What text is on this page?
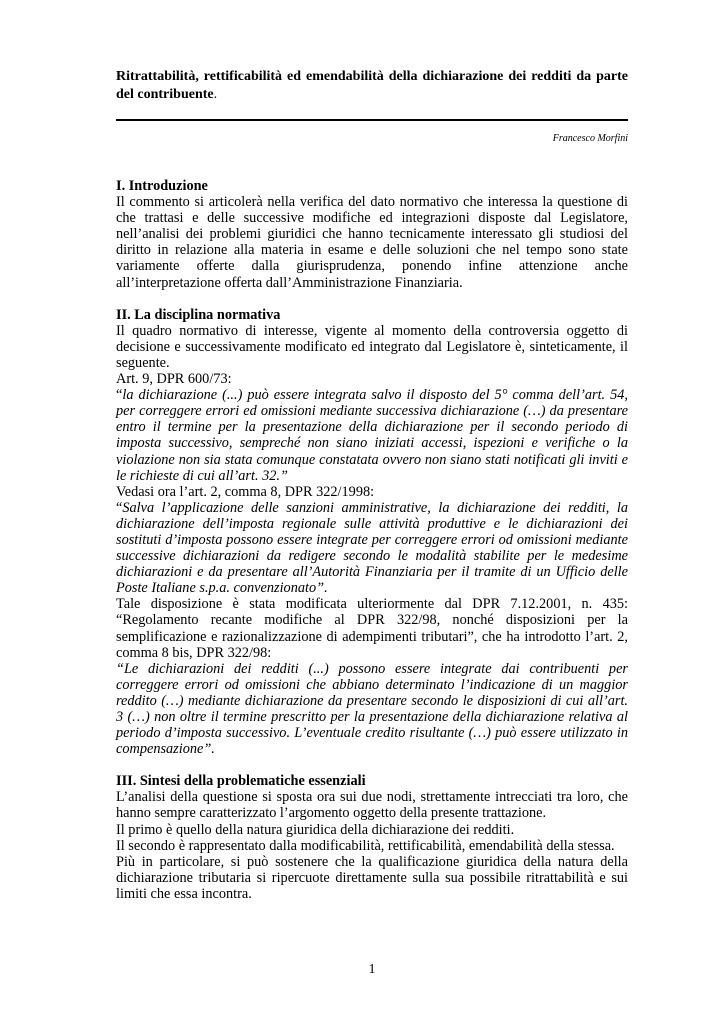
Ritrattabilità, rettificabilità ed emendabilità della dichiarazione dei redditi da parte del contribuente.

Francesco Morfini

I. Introduzione

Il commento si articolerà nella verifica del dato normativo che interessa la questione di che trattasi e delle successive modifiche ed integrazioni disposte dal Legislatore, nell’analisi dei problemi giuridici che hanno tecnicamente interessato gli studiosi del diritto in relazione alla materia in esame e delle soluzioni che nel tempo sono state variamente offerte dalla giurisprudenza, ponendo infine attenzione anche all’interpretazione offerta dall’Amministrazione Finanziaria.

II. La disciplina normativa

Il quadro normativo di interesse, vigente al momento della controversia oggetto di decisione e successivamente modificato ed integrato dal Legislatore è, sinteticamente, il seguente.

Art. 9, DPR 600/73:

“la dichiarazione (...) può essere integrata salvo il disposto del 5° comma dell’art. 54, per correggere errori ed omissioni mediante successiva dichiarazione (…) da presentare entro il termine per la presentazione della dichiarazione per il secondo periodo di imposta successivo, sempreché non siano iniziati accessi, ispezioni e verifiche o la violazione non sia stata comunque constatata ovvero non siano stati notificati gli inviti e le richieste di cui all’art. 32.”

Vedasi ora l’art. 2, comma 8, DPR 322/1998:

“Salva l’applicazione delle sanzioni amministrative, la dichiarazione dei redditi, la dichiarazione dell’imposta regionale sulle attività produttive e le dichiarazioni dei sostituti d’imposta possono essere integrate per correggere errori od omissioni mediante successive dichiarazioni da redigere secondo le modalità stabilite per le medesime dichiarazioni e da presentare all’Autorità Finanziaria per il tramite di un Ufficio delle Poste Italiane s.p.a. convenzionato”.

Tale disposizione è stata modificata ulteriormente dal DPR 7.12.2001, n. 435: “Regolamento recante modifiche al DPR 322/98, nonché disposizioni per la semplificazione e razionalizzazione di adempimenti tributari”, che ha introdotto l’art. 2, comma 8 bis, DPR 322/98:

“Le dichiarazioni dei redditi (...) possono essere integrate dai contribuenti per correggere errori od omissioni che abbiano determinato l’indicazione di un maggior reddito (…) mediante dichiarazione da presentare secondo le disposizioni di cui all’art. 3 (…) non oltre il termine prescritto per la presentazione della dichiarazione relativa al periodo d’imposta successivo. L’eventuale credito risultante (…) può essere utilizzato in compensazione”.

III. Sintesi della problematiche essenziali

L’analisi della questione si sposta ora sui due nodi, strettamente intrecciati tra loro, che hanno sempre caratterizzato l’argomento oggetto della presente trattazione.

Il primo è quello della natura giuridica della dichiarazione dei redditi.

Il secondo è rappresentato dalla modificabilità, rettificabilità, emendabilità della stessa.

Più in particolare, si può sostenere che la qualificazione giuridica della natura della dichiarazione tributaria si ripercuote direttamente sulla sua possibile ritrattabilità e sui limiti che essa incontra.

1
